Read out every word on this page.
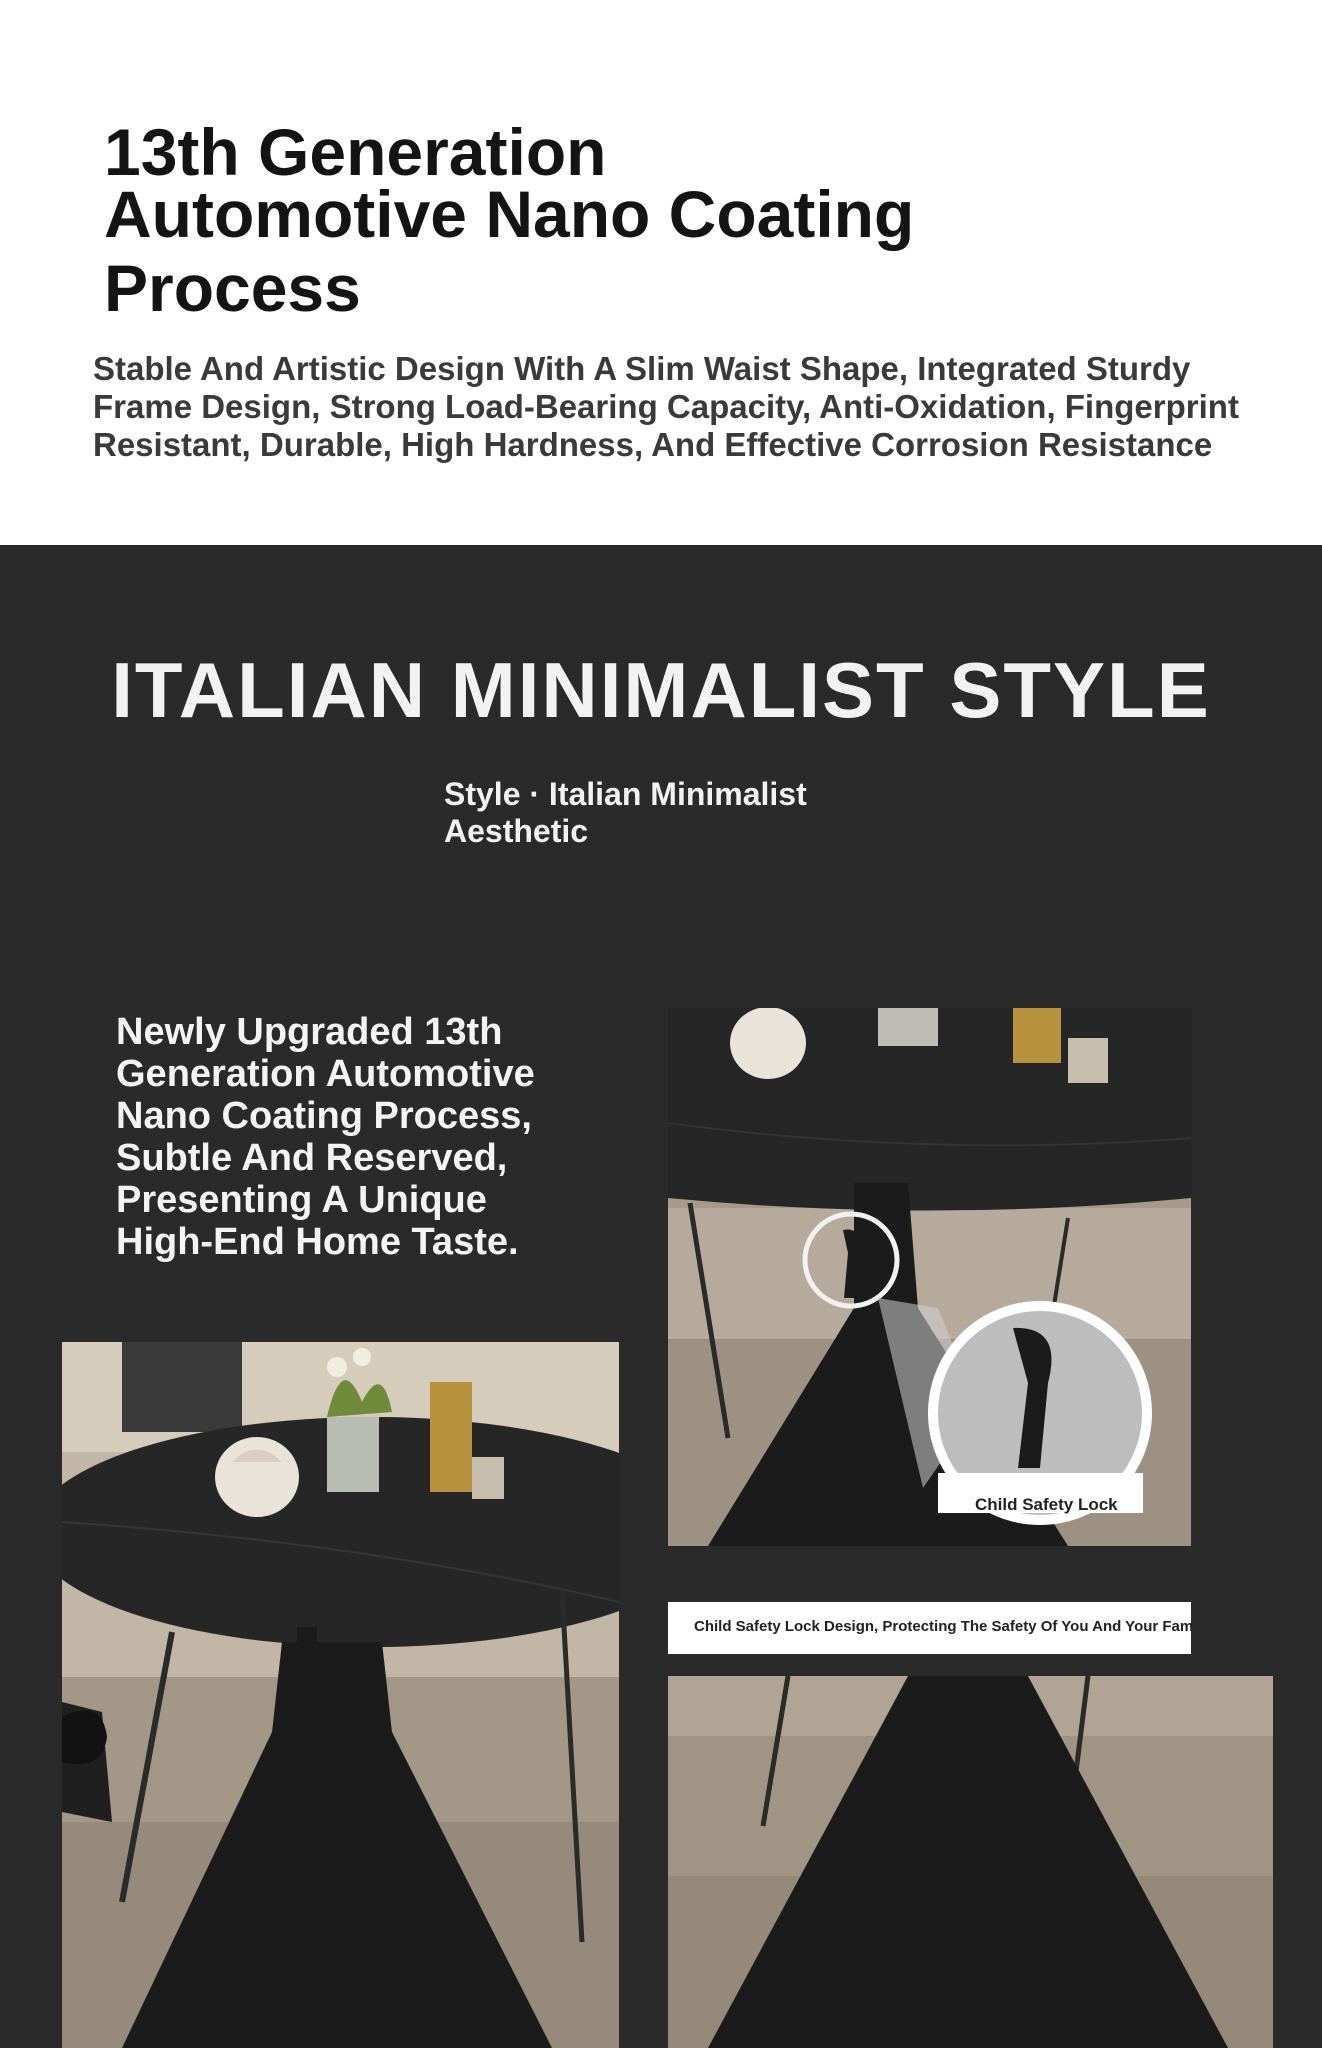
13th Generation
Automotive Nano Coating
Process
Stable And Artistic Design With A Slim Waist Shape, Integrated Sturdy
Frame Design, Strong Load-Bearing Capacity, Anti-Oxidation, Fingerprint
Resistant, Durable, High Hardness, And Effective Corrosion Resistance
ITALIAN MINIMALIST STYLE
Style · Italian Minimalist
Aesthetic
Newly Upgraded 13th
Generation Automotive
Nano Coating Process,
Subtle And Reserved,
Presenting A Unique
High-End Home Taste.
Child Safety Lock
Child Safety Lock Design, Protecting The Safety Of You And Your Fam
